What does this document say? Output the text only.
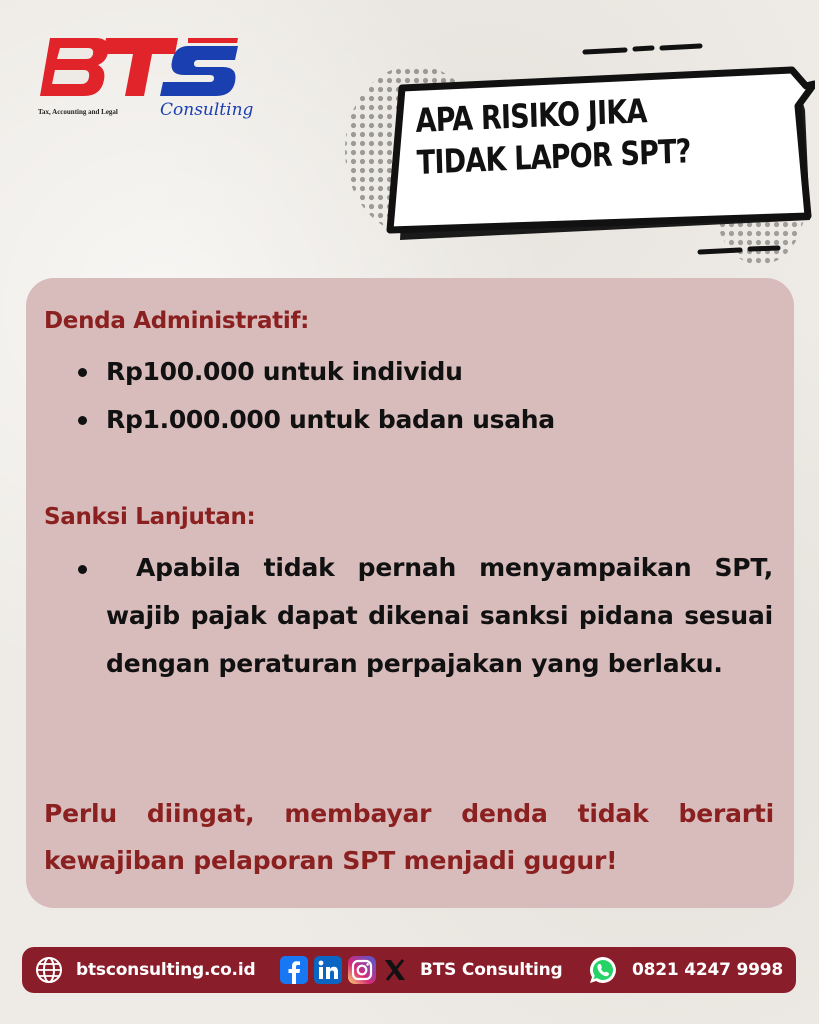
Tax, Accounting and Legal Consulting	APA RISIKO JIKA
TIDAK LAPOR SPT?
Denda Administratif:
Rp100.000 untuk individu
Rp1.000.000 untuk badan usaha
Sanksi Lanjutan:

Apabila tidak pernah menyampaikan SPT, wajib pajak dapat dikenai sanksi pidana sesuai dengan peraturan perpajakan yang berlaku.

Perlu diingat, membayar denda tidak berarti kewajiban pelaporan SPT menjadi gugur!

btsconsulting.co.id	BTS Consulting	0821 4247 9998
